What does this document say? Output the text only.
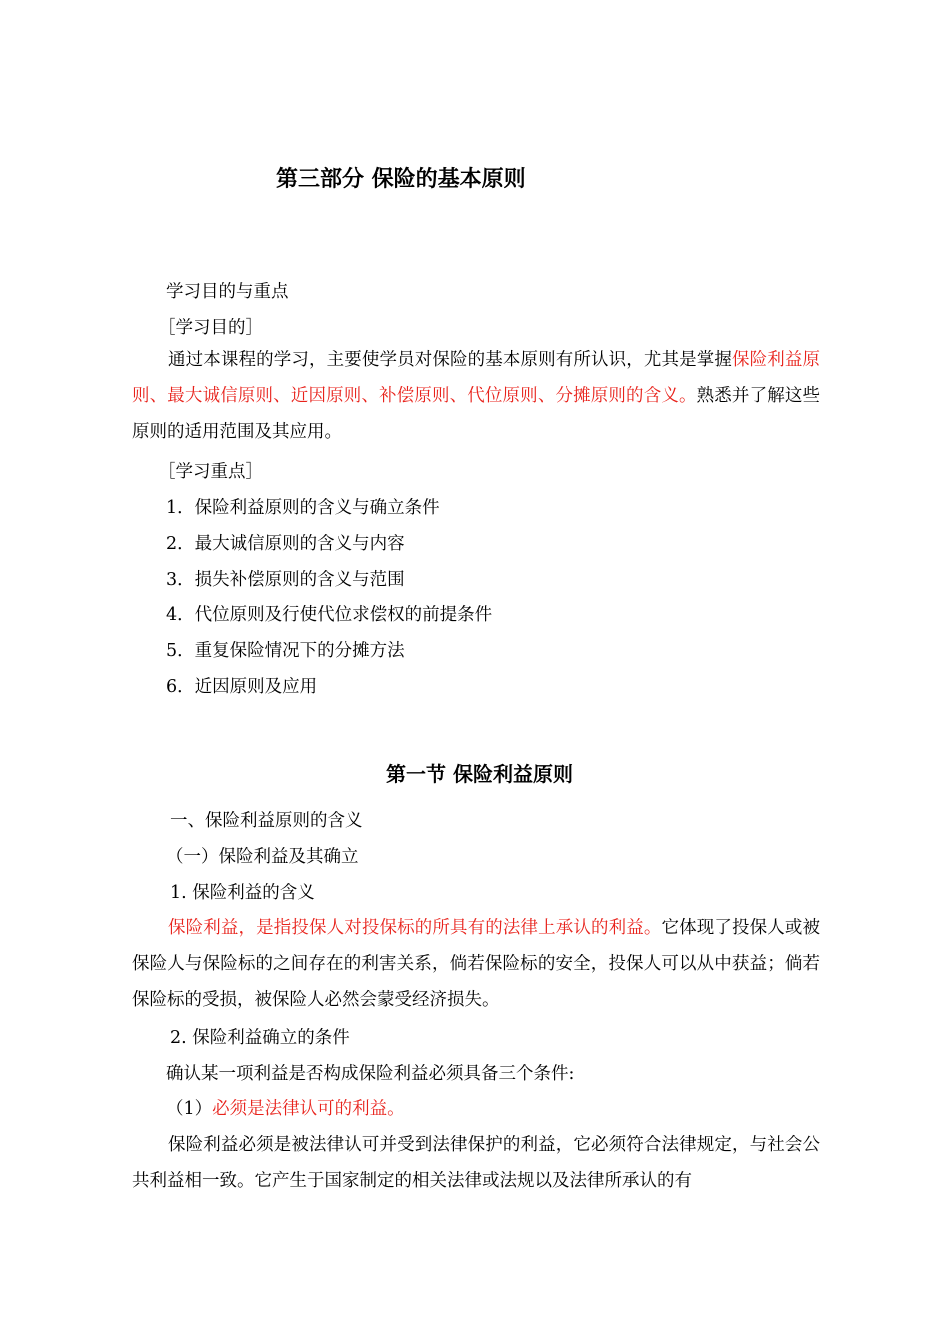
第三部分 保险的基本原则
学习目的与重点
［学习目的］
通过本课程的学习，主要使学员对保险的基本原则有所认识，尤其是掌握保险利益原则、最大诚信原则、近因原则、补偿原则、代位原则、分摊原则的含义。熟悉并了解这些原则的适用范围及其应用。
［学习重点］
1．保险利益原则的含义与确立条件
2．最大诚信原则的含义与内容
3．损失补偿原则的含义与范围
4．代位原则及行使代位求偿权的前提条件
5．重复保险情况下的分摊方法
6．近因原则及应用
第一节 保险利益原则
一、保险利益原则的含义
（一）保险利益及其确立
1. 保险利益的含义
保险利益，是指投保人对投保标的所具有的法律上承认的利益。它体现了投保人或被保险人与保险标的之间存在的利害关系，倘若保险标的安全，投保人可以从中获益；倘若保险标的受损，被保险人必然会蒙受经济损失。
2. 保险利益确立的条件
确认某一项利益是否构成保险利益必须具备三个条件:
（1）必须是法律认可的利益。
保险利益必须是被法律认可并受到法律保护的利益，它必须符合法律规定，与社会公共利益相一致。它产生于国家制定的相关法律或法规以及法律所承认的有
